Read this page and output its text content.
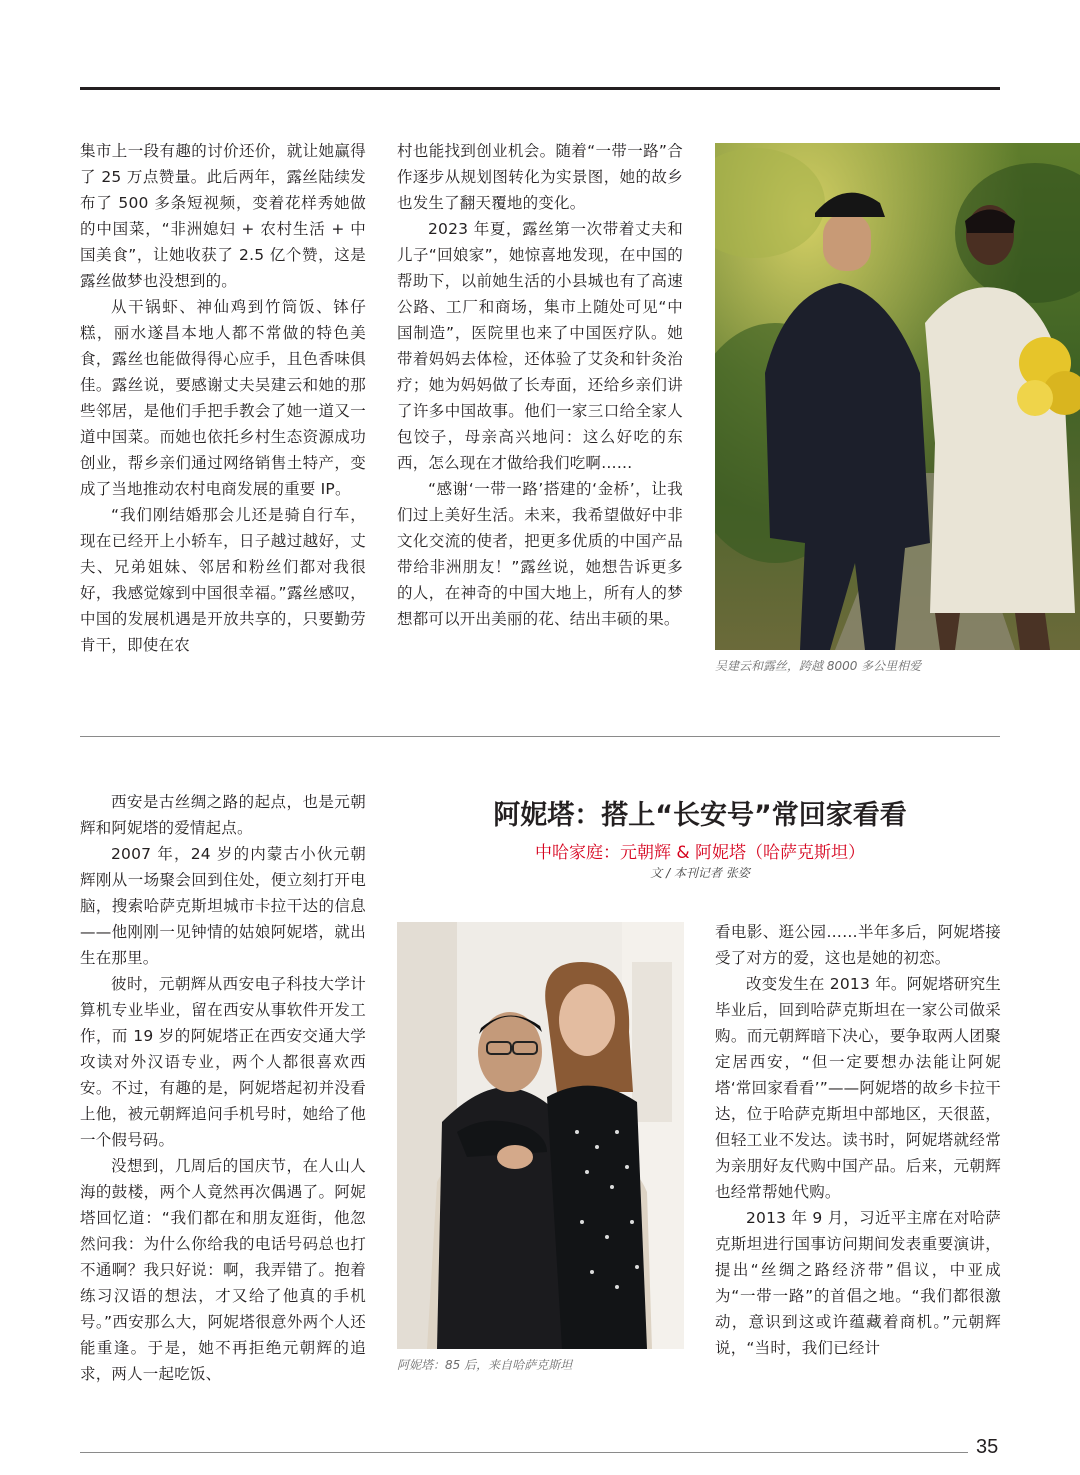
集市上一段有趣的讨价还价，就让她赢得了 25 万点赞量。此后两年，露丝陆续发布了 500 多条短视频，变着花样秀她做的中国菜，“非洲媳妇 + 农村生活 + 中国美食”，让她收获了 2.5 亿个赞，这是露丝做梦也没想到的。

从干锅虾、神仙鸡到竹筒饭、钵仔糕，丽水遂昌本地人都不常做的特色美食，露丝也能做得得心应手，且色香味俱佳。露丝说，要感谢丈夫吴建云和她的那些邻居，是他们手把手教会了她一道又一道中国菜。而她也依托乡村生态资源成功创业，帮乡亲们通过网络销售土特产，变成了当地推动农村电商发展的重要 IP。

“我们刚结婚那会儿还是骑自行车，现在已经开上小轿车，日子越过越好，丈夫、兄弟姐妹、邻居和粉丝们都对我很好，我感觉嫁到中国很幸福。”露丝感叹，中国的发展机遇是开放共享的，只要勤劳肯干，即使在农

村也能找到创业机会。随着“一带一路”合作逐步从规划图转化为实景图，她的故乡也发生了翻天覆地的变化。

2023 年夏，露丝第一次带着丈夫和儿子“回娘家”，她惊喜地发现，在中国的帮助下，以前她生活的小县城也有了高速公路、工厂和商场，集市上随处可见“中国制造”，医院里也来了中国医疗队。她带着妈妈去体检，还体验了艾灸和针灸治疗；她为妈妈做了长寿面，还给乡亲们讲了许多中国故事。他们一家三口给全家人包饺子，母亲高兴地问：这么好吃的东西，怎么现在才做给我们吃啊……

“感谢‘一带一路’搭建的‘金桥’，让我们过上美好生活。未来，我希望做好中非文化交流的使者，把更多优质的中国产品带给非洲朋友！”露丝说，她想告诉更多的人，在神奇的中国大地上，所有人的梦想都可以开出美丽的花、结出丰硕的果。

吴建云和露丝，跨越 8000 多公里相爱

西安是古丝绸之路的起点，也是元朝辉和阿妮塔的爱情起点。

2007 年，24 岁的内蒙古小伙元朝辉刚从一场聚会回到住处，便立刻打开电脑，搜索哈萨克斯坦城市卡拉干达的信息——他刚刚一见钟情的姑娘阿妮塔，就出生在那里。

彼时，元朝辉从西安电子科技大学计算机专业毕业，留在西安从事软件开发工作，而 19 岁的阿妮塔正在西安交通大学攻读对外汉语专业，两个人都很喜欢西安。不过，有趣的是，阿妮塔起初并没看上他，被元朝辉追问手机号时，她给了他一个假号码。

没想到，几周后的国庆节，在人山人海的鼓楼，两个人竟然再次偶遇了。阿妮塔回忆道：“我们都在和朋友逛街，他忽然问我：为什么你给我的电话号码总也打不通啊？我只好说：啊，我弄错了。抱着练习汉语的想法，才又给了他真的手机号。”西安那么大，阿妮塔很意外两个人还能重逢。于是，她不再拒绝元朝辉的追求，两人一起吃饭、

阿妮塔：搭上“长安号”常回家看看
中哈家庭：元朝辉 & 阿妮塔（哈萨克斯坦）
文 / 本刊记者 张姿
阿妮塔：85 后，来自哈萨克斯坦

看电影、逛公园……半年多后，阿妮塔接受了对方的爱，这也是她的初恋。

改变发生在 2013 年。阿妮塔研究生毕业后，回到哈萨克斯坦在一家公司做采购。而元朝辉暗下决心，要争取两人团聚定居西安，“但一定要想办法能让阿妮塔‘常回家看看’”——阿妮塔的故乡卡拉干达，位于哈萨克斯坦中部地区，天很蓝，但轻工业不发达。读书时，阿妮塔就经常为亲朋好友代购中国产品。后来，元朝辉也经常帮她代购。

2013 年 9 月，习近平主席在对哈萨克斯坦进行国事访问期间发表重要演讲，提出“丝绸之路经济带”倡议，中亚成为“一带一路”的首倡之地。“我们都很激动，意识到这或许蕴藏着商机。”元朝辉说，“当时，我们已经计

35
